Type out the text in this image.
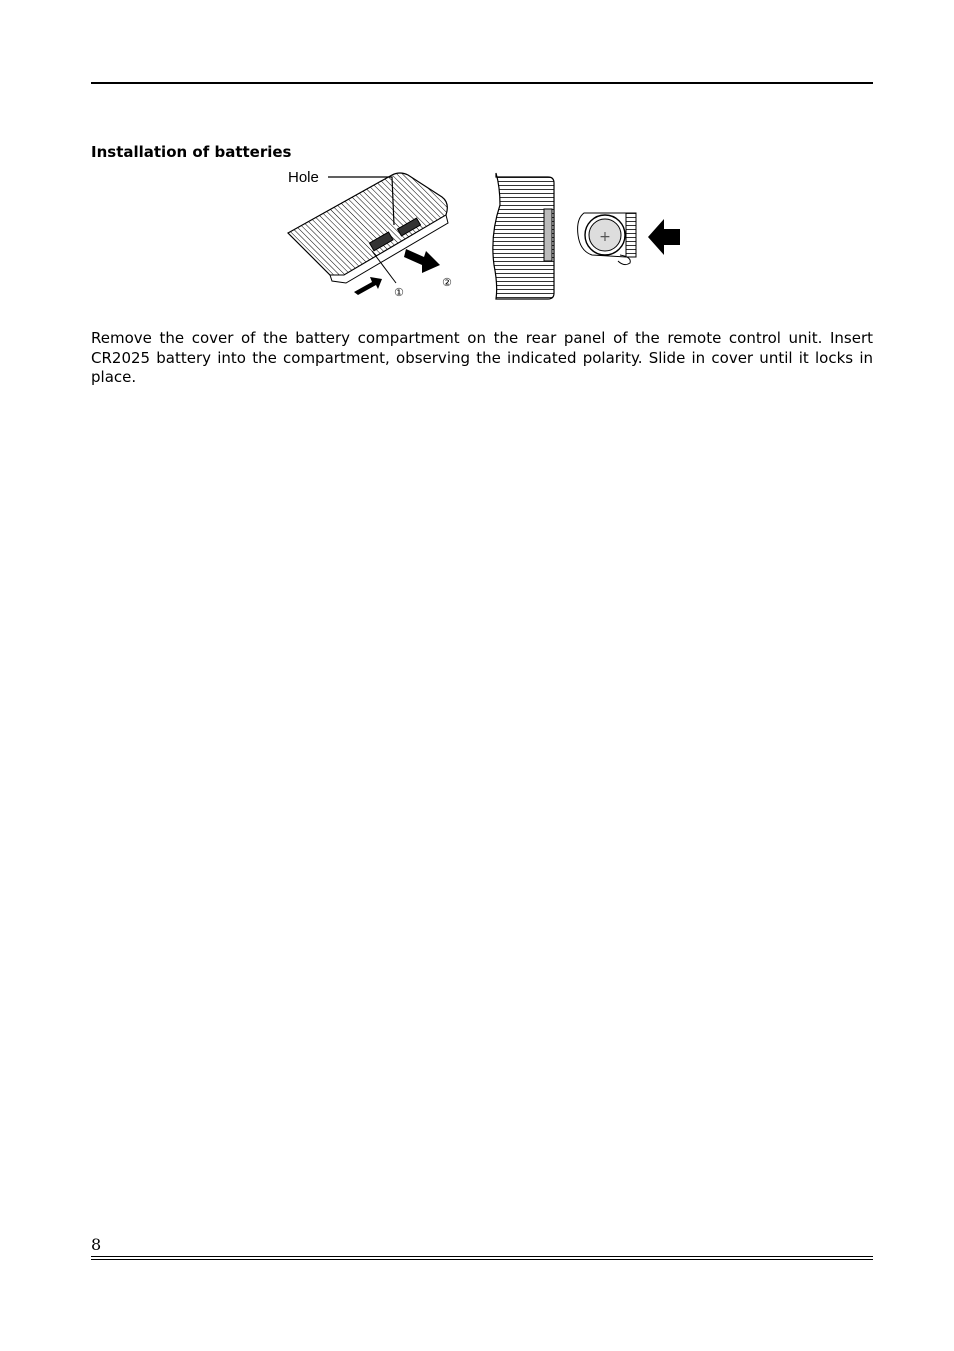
Installation of batteries
Hole
①
②
+

Remove the cover of the battery compartment on the rear panel of the remote control unit. Insert CR2025 battery into the compartment, observing the indicated polarity. Slide in cover until it locks in place.

8
